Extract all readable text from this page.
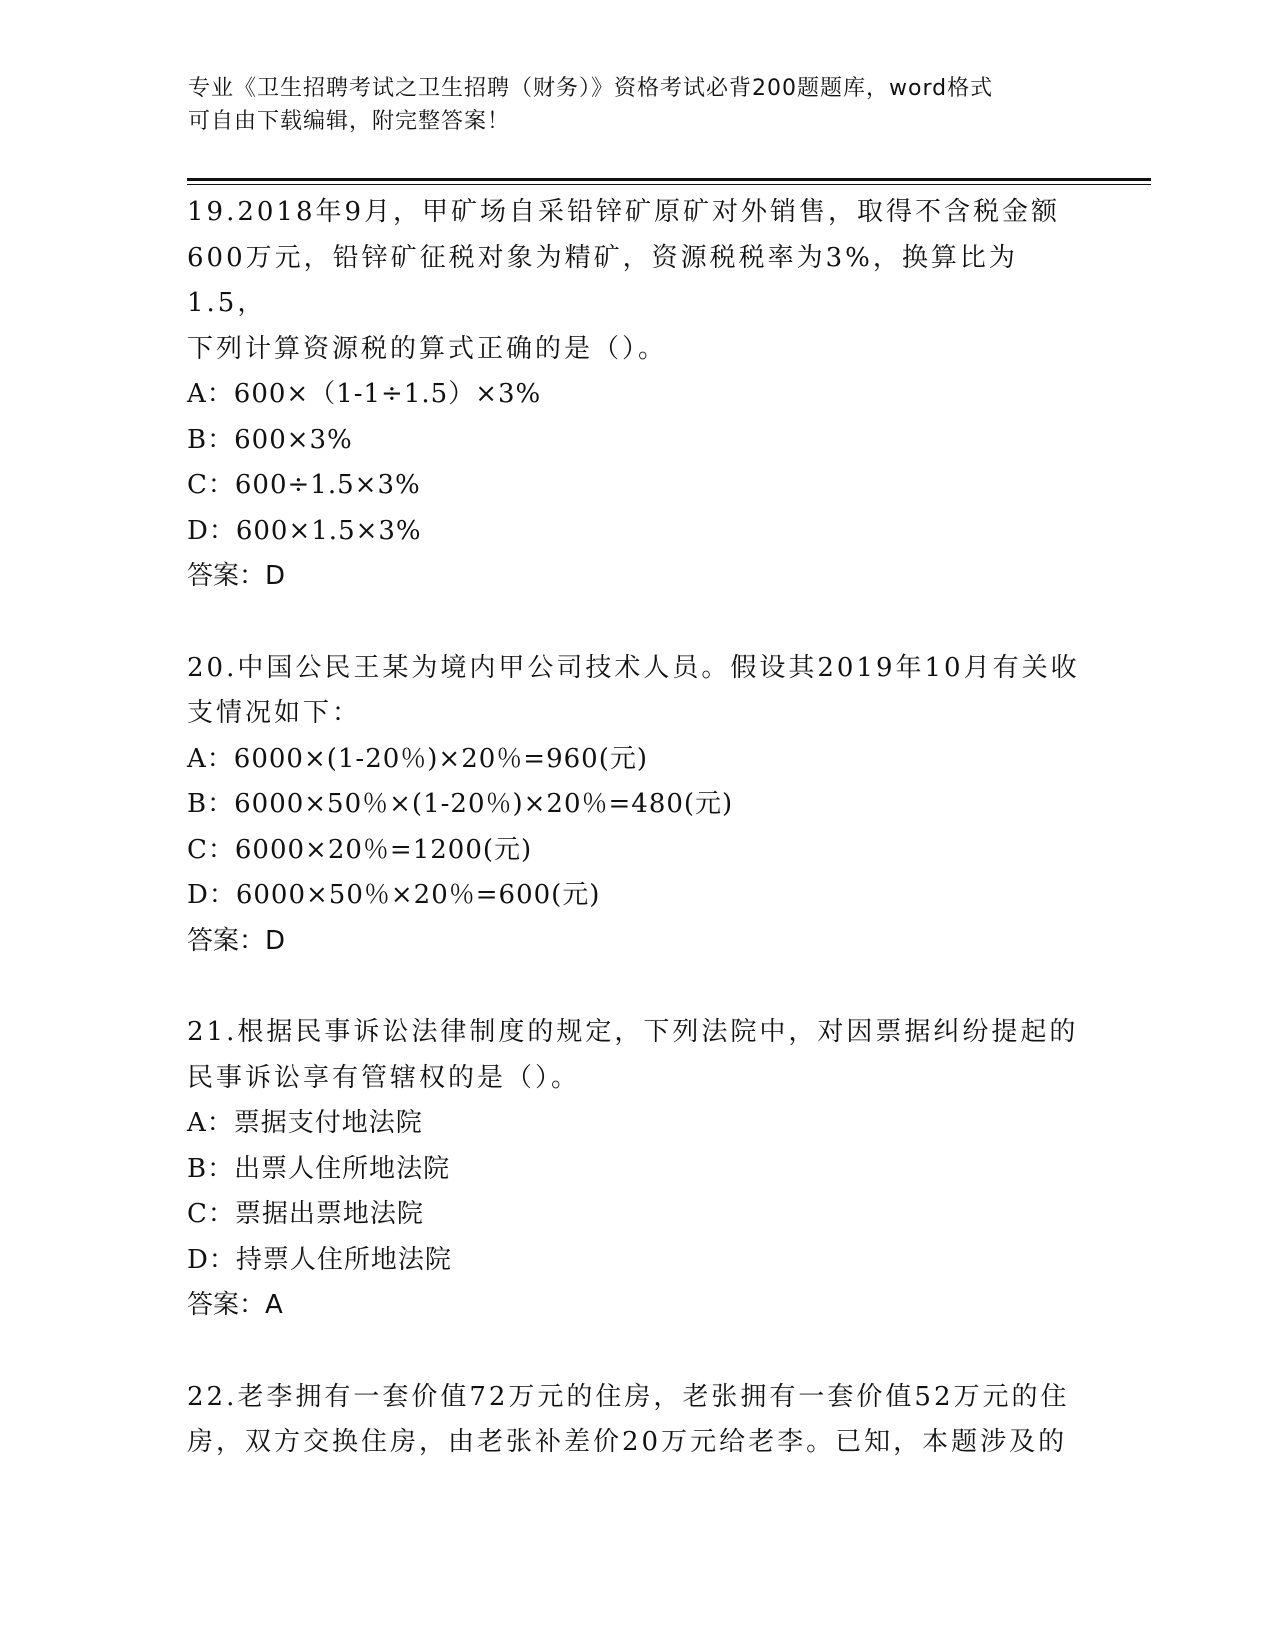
专业《卫生招聘考试之卫生招聘（财务）》资格考试必背200题题库，word格式
可自由下载编辑，附完整答案！
19.2018年9月，甲矿场自采铅锌矿原矿对外销售，取得不含税金额
600万元，铅锌矿征税对象为精矿，资源税税率为3%，换算比为1.5，
下列计算资源税的算式正确的是（）。
A：600×（1-1÷1.5）×3%
B：600×3%
C：600÷1.5×3%
D：600×1.5×3%
答案：D
20.中国公民王某为境内甲公司技术人员。假设其2019年10月有关收
支情况如下：
A：6000×(1-20％)×20％=960(元)
B：6000×50％×(1-20％)×20％=480(元)
C：6000×20％=1200(元)
D：6000×50％×20％=600(元)
答案：D
21.根据民事诉讼法律制度的规定，下列法院中，对因票据纠纷提起的
民事诉讼享有管辖权的是（）。
A：票据支付地法院
B：出票人住所地法院
C：票据出票地法院
D：持票人住所地法院
答案：A
22.老李拥有一套价值72万元的住房，老张拥有一套价值52万元的住
房，双方交换住房，由老张补差价20万元给老李。已知，本题涉及的
